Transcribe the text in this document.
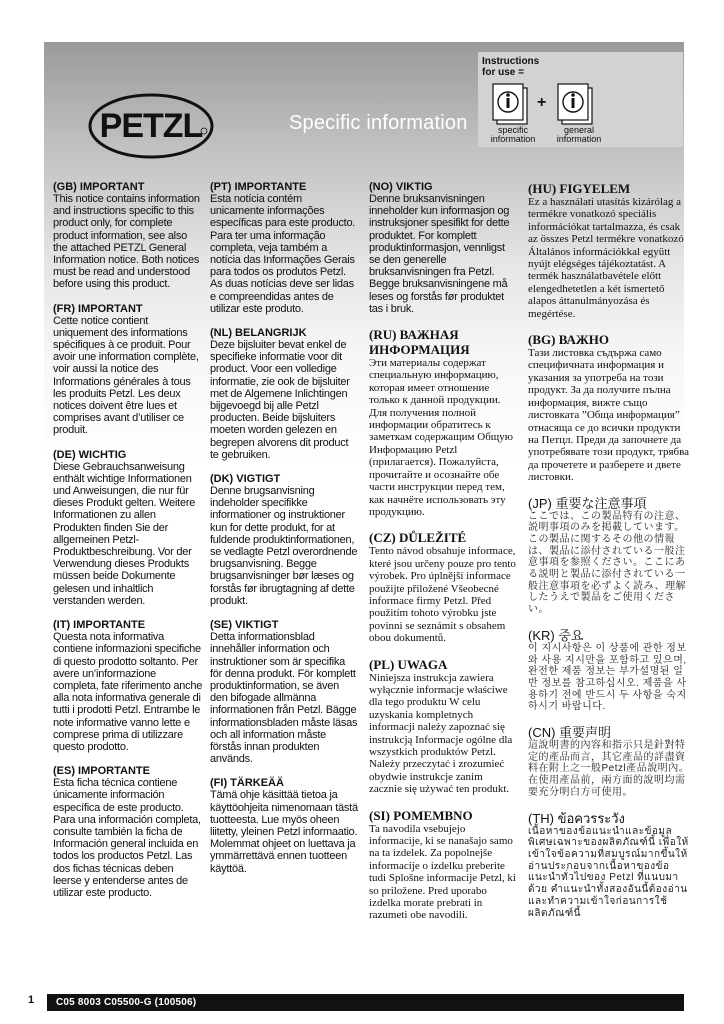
PETZL	Specific information
Instructions for use =
+
specific information
general information
(GB) IMPORTANT
This notice contains information and instructions specific to this product only, for complete product information, see also the attached PETZL General Information notice. Both notices must be read and understood before using this product.
(FR) IMPORTANT
Cette notice contient uniquement des informations spécifiques à ce produit. Pour avoir une information complète, voir aussi la notice des Informations générales à tous les produits Petzl. Les deux notices doivent être lues et comprises avant d’utiliser ce produit.
(DE) WICHTIG
Diese Gebrauchsanweisung enthält wichtige Informationen und Anweisungen, die nur für dieses Produkt gelten. Weitere Informationen zu allen Produkten finden Sie der allgemeinen Petzl-Produktbeschreibung. Vor der Verwendung dieses Produkts müssen beide Dokumente gelesen und inhaltlich verstanden werden.
(IT) IMPORTANTE
Questa nota informativa contiene informazioni specifiche di questo prodotto soltanto. Per avere un’informazione completa, fate riferimento anche alla nota informativa generale di tutti i prodotti Petzl. Entrambe le note informative vanno lette e comprese prima di utilizzare questo prodotto.
(ES) IMPORTANTE
Esta ficha técnica contiene únicamente información específica de este producto. Para una información completa, consulte también la ficha de Información general incluida en todos los productos Petzl. Las dos fichas técnicas deben leerse y entenderse antes de utilizar este producto.
(PT) IMPORTANTE
Esta notícia contém unicamente informações específicas para este producto. Para ter uma informação completa, veja também a notícia das Informações Gerais para todos os produtos Petzl. As duas notícias deve ser lidas e compreendidas antes de utilizar este produto.
(NL) BELANGRIJK
Deze bijsluiter bevat enkel de specifieke informatie voor dit product. Voor een volledige informatie, zie ook de bijsluiter met de Algemene Inlichtingen bijgevoegd bij alle Petzl producten. Beide bijsluiters moeten worden gelezen en begrepen alvorens dit product te gebruiken.
(DK) VIGTIGT
Denne brugsanvisning indeholder specifikke informationer og instruktioner kun for dette produkt, for at fuldende produktinformationen, se vedlagte Petzl overordnende brugsanvisning. Begge brugsanvisninger bør læses og forstås før ibrugtagning af dette produkt.
(SE) VIKTIGT
Detta informationsblad innehåller information och instruktioner som är specifika för denna produkt. För komplett produktinformation, se även den bifogade allmänna informationen från Petzl. Bägge informationsbladen måste läsas och all information måste förstås innan produkten används.
(FI) TÄRKEÄÄ
Tämä ohje käsittää tietoa ja käyttöohjeita nimenomaan tästä tuotteesta. Lue myös oheen liitetty, yleinen Petzl informaatio. Molemmat ohjeet on luettava ja ymmärrettävä ennen tuotteen käyttöä.
(NO) VIKTIG
Denne bruksanvisningen inneholder kun informasjon og instruksjoner spesifikt for dette produktet. For komplett produktinformasjon, vennligst se den generelle bruksanvisningen fra Petzl. Begge bruksanvisningene må leses og forstås før produktet tas i bruk.
(RU) ВАЖНАЯ ИНФОРМАЦИЯ
Эти материалы содержат специальную информацию, которая имеет отношение только к данной продукции. Для получения полной информации обратитесь к заметкам содержащим Общую Информацию Petzl (прилагается). Пожалуйста, прочитайте и осознайте обе части инструкции перед тем, как начнёте использовать эту продукцию.
(CZ) DŮLEŽITÉ
Tento návod obsahuje informace, které jsou určeny pouze pro tento výrobek. Pro úplnější informace použijte přiložené Všeobecné informace firmy Petzl. Před použitím tohoto výrobku jste povinni se seznámit s obsahem obou dokumentů.
(PL) UWAGA
Niniejsza instrukcja zawiera wyłącznie informacje właściwe dla tego produktu W celu uzyskania kompletnych informacji należy zapoznać się instrukcją Informacje ogólne dla wszystkich produktów Petzl. Należy przeczytać i zrozumieć obydwie instrukcje zanim zacznie się używać ten produkt.
(SI) POMEMBNO
Ta navodila vsebujejo informacije, ki se nanašajo samo na ta izdelek. Za popolnejše informacije o izdelku preberite tudi Splošne informacije Petzl, ki so priložene. Pred uporabo izdelka morate prebrati in razumeti obe navodili.
(HU) FIGYELEM
Ez a használati utasítás kizárólag a termékre vonatkozó speciális információkat tartalmazza, és csak az összes Petzl termékre vonatkozó Általános információkkal együtt nyújt elégséges tájékoztatást. A termék használatbavétele előtt elengedhetetlen a két ismertető alapos áttanulmányozása és megértése.
(BG) ВАЖНО
Тази листовка съдържа само специфичната информация и указания за употреба на този продукт. За да получите пълна информация, вижте също листовката ”Обща информация” отнасяща се до всички продукти на Петцл. Преди да започнете да употребявате този продукт, трябва да прочетете и разберете и двете листовки.
(JP) 重要な注意事項
ここでは、この製品特有の注意、説明事項のみを掲載しています。この製品に関するその他の情報は、製品に添付されている一般注意事項を参照ください。ここにある説明と製品に添付されている一般注意事項を必ずよく読み、理解したうえで製品をご使用ください。
(KR) 중요
이 지시사항은 이 상품에 관한 정보와 사용 지시만을 포함하고 있으며, 완전한 제품 정보는 부가설명된 일반 정보를 참고하십시오. 제품을 사용하기 전에 반드시 두 사항을 숙지하시기 바랍니다.
(CN) 重要声明
這說明書的內容和指示只是針對特定的產品而言，其它產品的詳盡資料在附上之一般Petzl產品說明內。在使用產品前，兩方面的說明均需要充分明白方可使用。
(TH) ข้อควรระวัง
เนื้อหาของข้อแนะนำและข้อมูลพิเศษเฉพาะของผลิตภัณฑ์นี้ เพื่อให้เข้าใจข้อความที่สมบูรณ์มากขึ้นให้อ่านประกอบจากเนื้อหาของข้อ แนะนำทั่วไปของ Petzl ที่แนบมาด้วย คำแนะนำทั้งสองอันนี้ต้องอ่าน และทำความเข้าใจก่อนการใช้ผลิตภัณฑ์นี้
1 C05 8003 C05500-G (100506)
